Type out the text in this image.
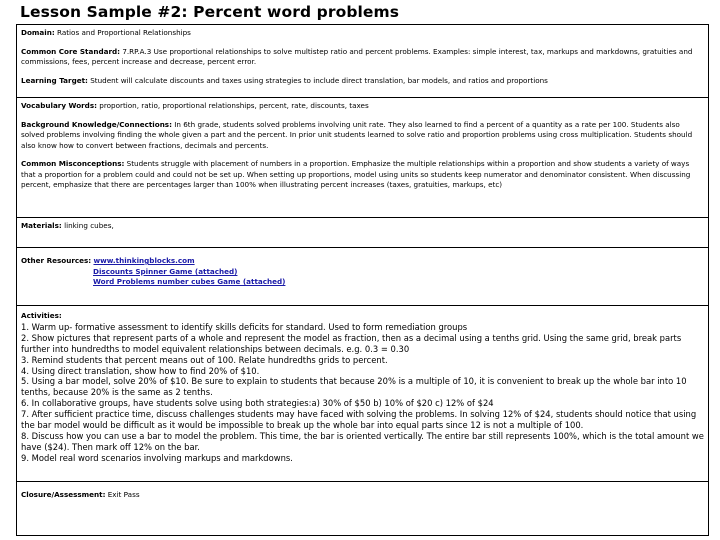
Lesson Sample #2: Percent word problems

Domain: Ratios and Proportional Relationships

Common Core Standard: 7.RP.A.3 Use proportional relationships to solve multistep ratio and percent problems. Examples: simple interest, tax, markups and markdowns, gratuities and commissions, fees, percent increase and decrease, percent error.

Learning Target: Student will calculate discounts and taxes using strategies to include direct translation, bar models, and ratios and proportions

Vocabulary Words: proportion, ratio, proportional relationships, percent, rate, discounts, taxes

Background Knowledge/Connections: In 6th grade, students solved problems involving unit rate. They also learned to find a percent of a quantity as a rate per 100. Students also solved problems involving finding the whole given a part and the percent. In prior unit students learned to solve ratio and proportion problems using cross multiplication. Students should also know how to convert between fractions, decimals and percents.

Common Misconceptions: Students struggle with placement of numbers in a proportion. Emphasize the multiple relationships within a proportion and show students a variety of ways that a proportion for a problem could and could not be set up. When setting up proportions, model using units so students keep numerator and denominator consistent. When discussing percent, emphasize that there are percentages larger than 100% when illustrating percent increases (taxes, gratuities, markups, etc)

Materials: linking cubes,

Other Resources: www.thinkingblocks.com

Discounts Spinner Game (attached)

Word Problems number cubes Game (attached)

Activities:

1. Warm up- formative assessment to identify skills deficits for standard. Used to form remediation groups

2. Show pictures that represent parts of a whole and represent the model as fraction, then as a decimal using a tenths grid. Using the same grid, break parts further into hundredths to model equivalent relationships between decimals. e.g. 0.3 = 0.30

3. Remind students that percent means out of 100. Relate hundredths grids to percent.

4. Using direct translation, show how to find 20% of $10.

5. Using a bar model, solve 20% of $10. Be sure to explain to students that because 20% is a multiple of 10, it is convenient to break up the whole bar into 10 tenths, because 20% is the same as 2 tenths.

6. In collaborative groups, have students solve using both strategies:a) 30% of $50 b) 10% of $20 c) 12% of $24

7. After sufficient practice time, discuss challenges students may have faced with solving the problems. In solving 12% of $24, students should notice that using the bar model would be difficult as it would be impossible to break up the whole bar into equal parts since 12 is not a multiple of 100.

8. Discuss how you can use a bar to model the problem. This time, the bar is oriented vertically. The entire bar still represents 100%, which is the total amount we have ($24). Then mark off 12% on the bar.

9. Model real word scenarios involving markups and markdowns.

Closure/Assessment: Exit Pass
